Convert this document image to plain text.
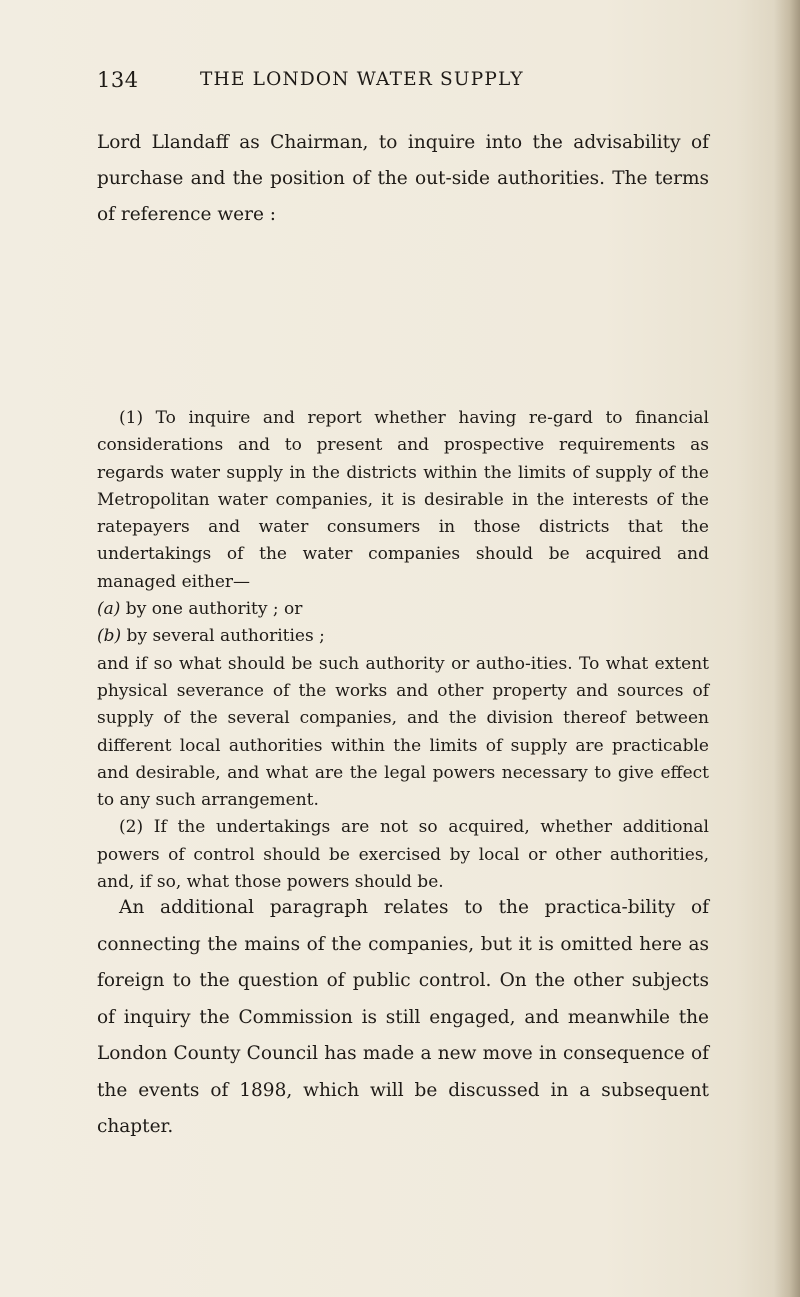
134	THE LONDON WATER SUPPLY

Lord Llandaff as Chairman, to inquire into the advisability of purchase and the position of the out-side authorities. The terms of reference were :

(1) To inquire and report whether having re-gard to financial considerations and to present and prospective requirements as regards water supply in the districts within the limits of supply of the Metropolitan water companies, it is desirable in the interests of the ratepayers and water consumers in those districts that the undertakings of the water companies should be acquired and managed either—

(a) by one authority ; or

(b) by several authorities ;

and if so what should be such authority or autho-ities. To what extent physical severance of the works and other property and sources of supply of the several companies, and the division thereof between different local authorities within the limits of supply are practicable and desirable, and what are the legal powers necessary to give effect to any such arrangement.

(2) If the undertakings are not so acquired, whether additional powers of control should be exercised by local or other authorities, and, if so, what those powers should be.

An additional paragraph relates to the practica-bility of connecting the mains of the companies, but it is omitted here as foreign to the question of public control. On the other subjects of inquiry the Commission is still engaged, and meanwhile the London County Council has made a new move in consequence of the events of 1898, which will be discussed in a subsequent chapter.
